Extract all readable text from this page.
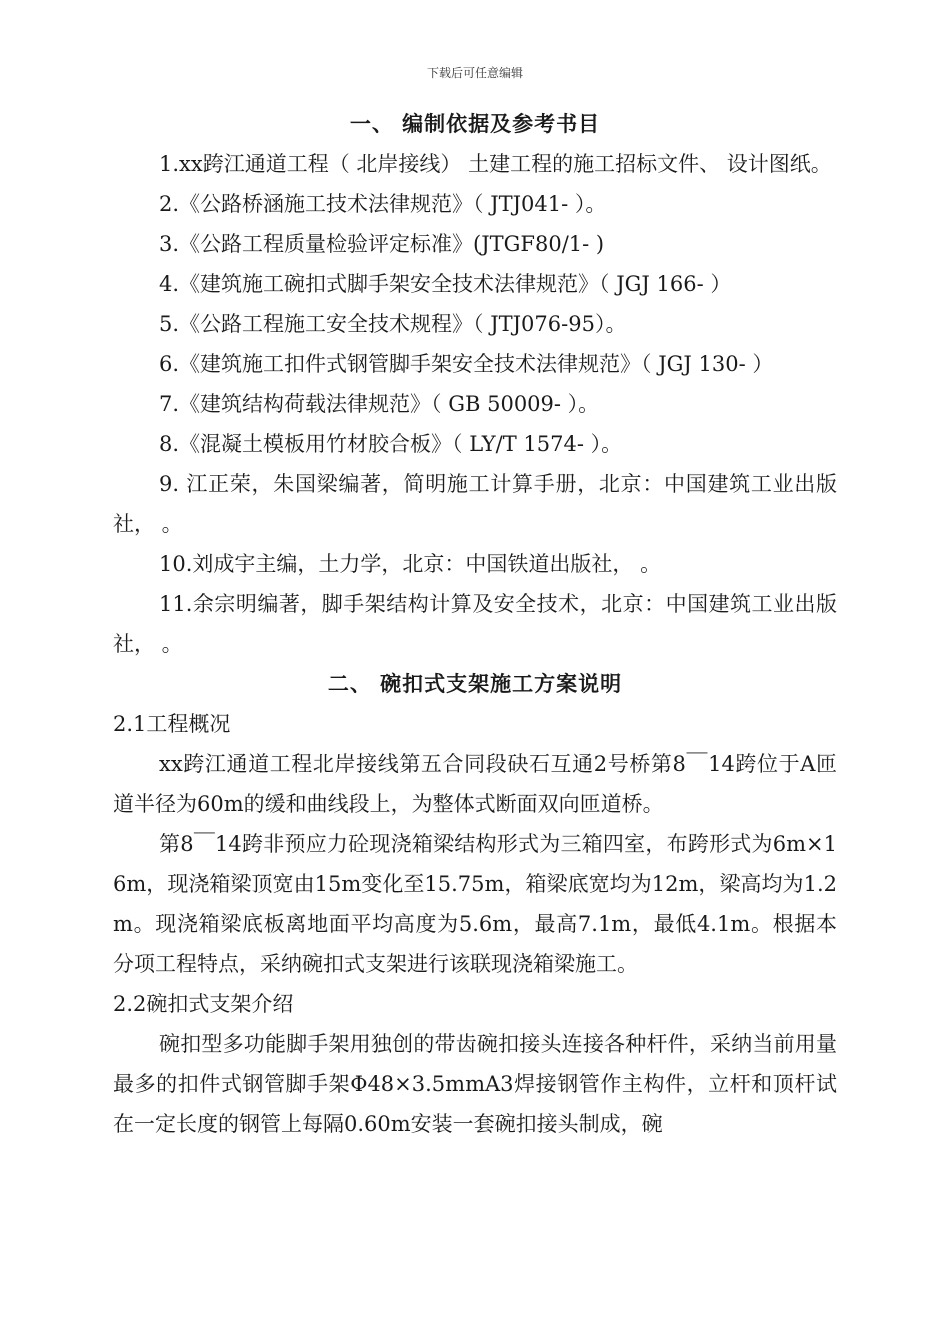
下载后可任意编辑

一、 编制依据及参考书目

1.xx跨江通道工程（ 北岸接线） 土建工程的施工招标文件、 设计图纸。

2.《公路桥涵施工技术法律规范》（ JTJ041- ）。

3.《公路工程质量检验评定标准》(JTGF80/1- )

4.《建筑施工碗扣式脚手架安全技术法律规范》（ JGJ 166- ）

5.《公路工程施工安全技术规程》（ JTJ076-95）。

6.《建筑施工扣件式钢管脚手架安全技术法律规范》（ JGJ 130- ）

7.《建筑结构荷载法律规范》（ GB 50009- ）。

8.《混凝土模板用竹材胶合板》（ LY/T 1574- ）。

9. 江正荣，朱国梁编著，简明施工计算手册，北京：中国建筑工业出版社， 。

10.刘成宇主编，土力学，北京：中国铁道出版社， 。

11.余宗明编著，脚手架结构计算及安全技术，北京：中国建筑工业出版社， 。

二、 碗扣式支架施工方案说明

2.1工程概况

xx跨江通道工程北岸接线第五合同段砄石互通2号桥第8￣14跨位于A匝道半径为60m的缓和曲线段上，为整体式断面双向匝道桥。

第8￣14跨非预应力砼现浇箱梁结构形式为三箱四室，布跨形式为6m×16m，现浇箱梁顶宽由15m变化至15.75m，箱梁底宽均为12m，梁高均为1.2m。现浇箱梁底板离地面平均高度为5.6m，最高7.1m，最低4.1m。根据本分项工程特点，采纳碗扣式支架进行该联现浇箱梁施工。

2.2碗扣式支架介绍

碗扣型多功能脚手架用独创的带齿碗扣接头连接各种杆件，采纳当前用量最多的扣件式钢管脚手架Φ48×3.5mmA3焊接钢管作主构件，立杆和顶杆试在一定长度的钢管上每隔0.60m安装一套碗扣接头制成，碗
